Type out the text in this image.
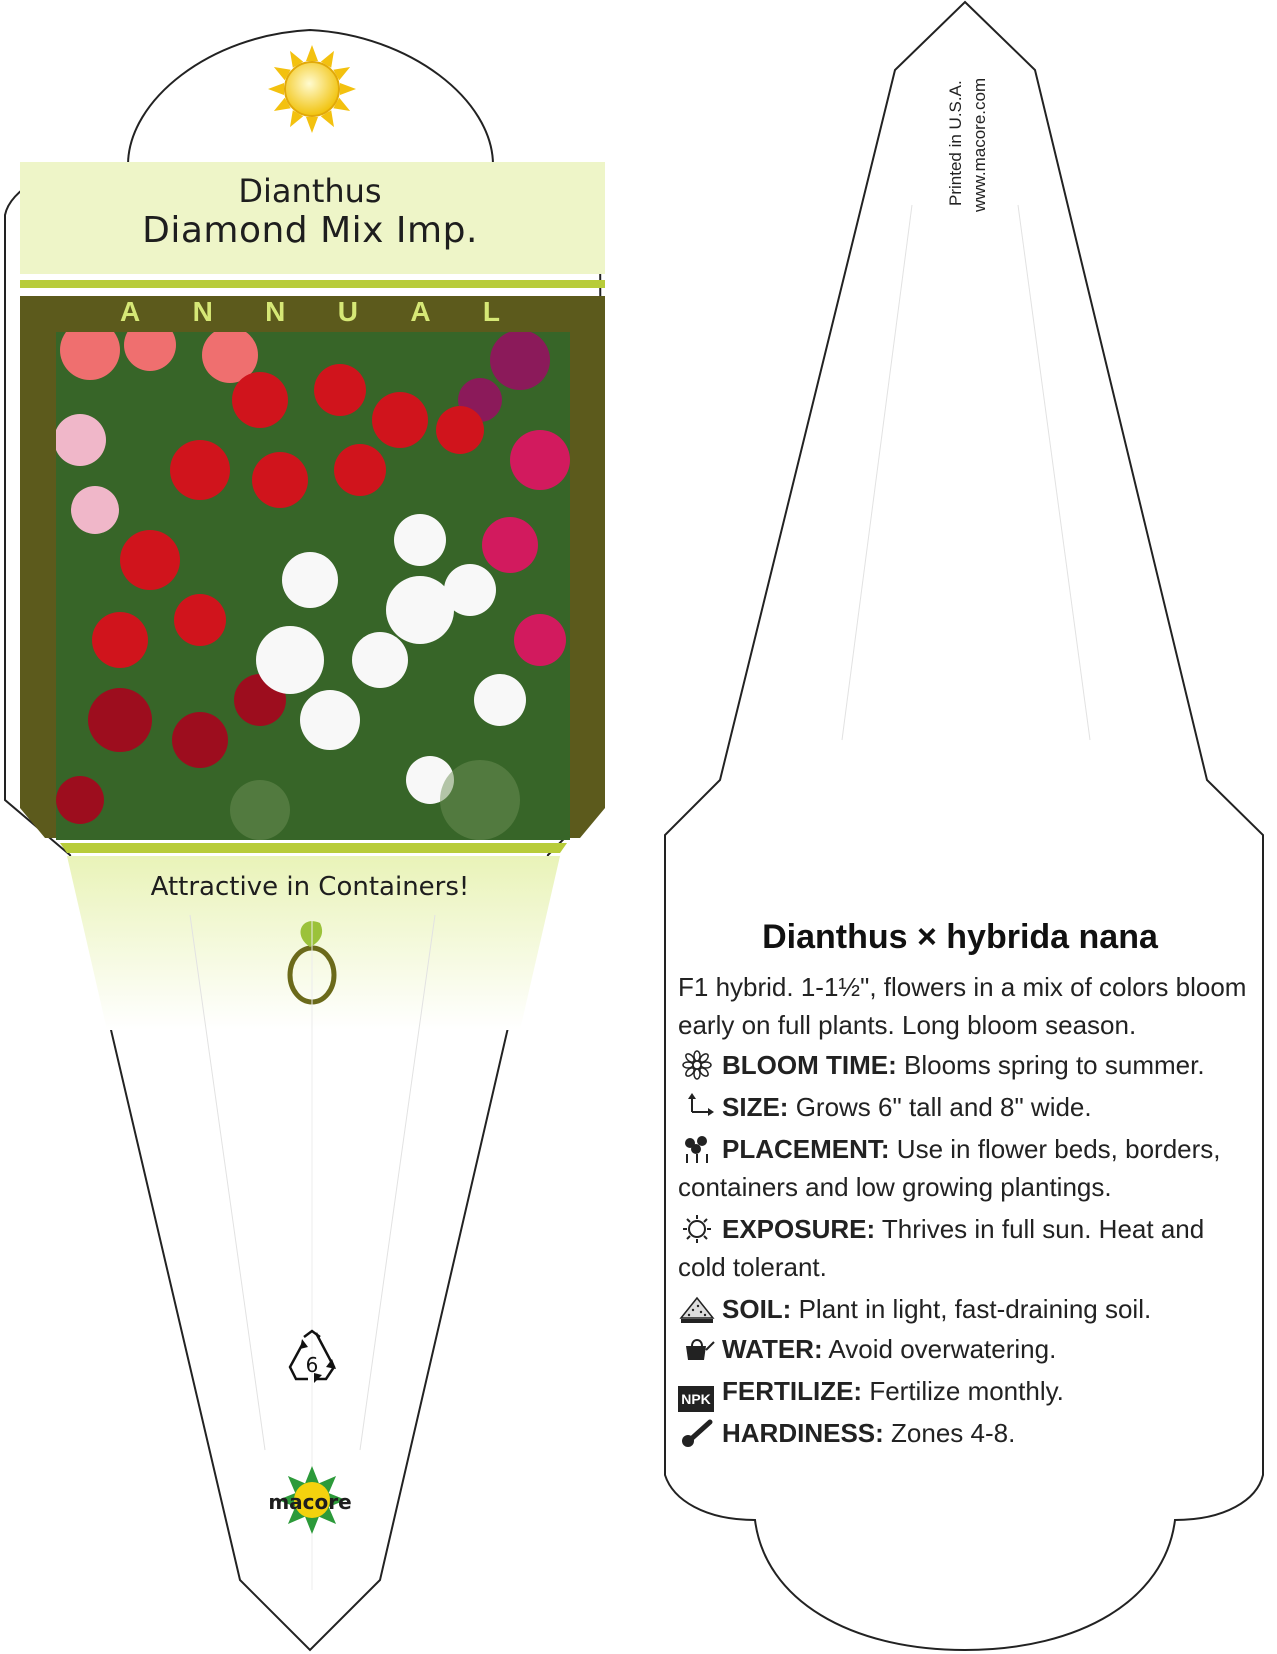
Dianthus
Diamond Mix Imp.
A N N U A L
Attractive in Containers!
6
macore
Printed in U.S.A. www.macore.com
Dianthus × hybrida nana
F1 hybrid. 1-1½", flowers in a mix of colors bloom early on full plants. Long bloom season.
BLOOM TIME: Blooms spring to summer.
SIZE: Grows 6" tall and 8" wide.
PLACEMENT: Use in flower beds, borders, containers and low growing plantings.
EXPOSURE: Thrives in full sun. Heat and cold tolerant.
SOIL: Plant in light, fast-draining soil.
WATER: Avoid overwatering.
NPK FERTILIZE: Fertilize monthly.
HARDINESS: Zones 4-8.
